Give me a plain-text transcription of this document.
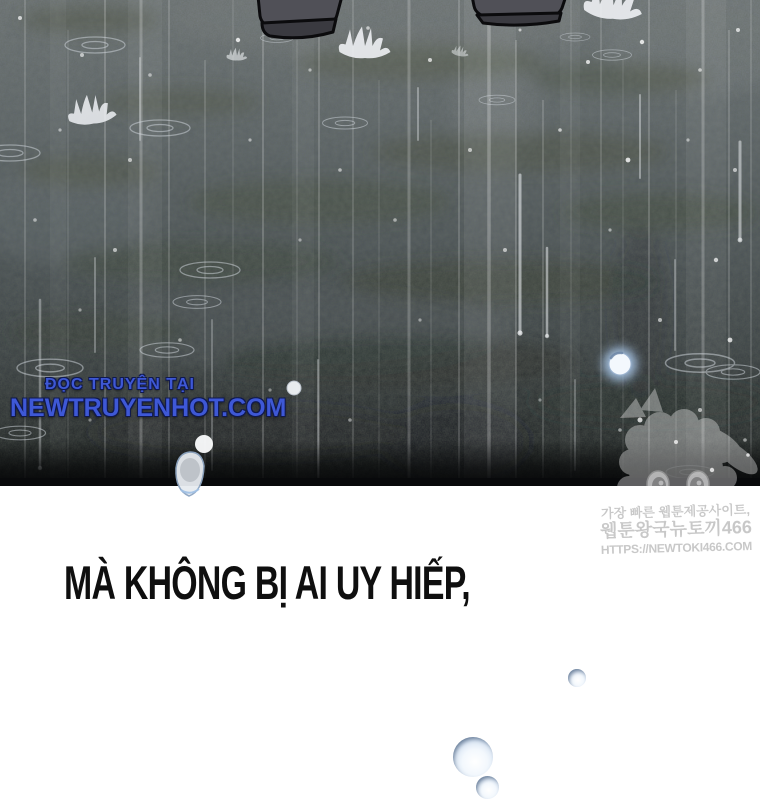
ĐỌC TRUYỆN TẠI
NEWTRUYENHOT.COM
가장 빠른 웹툰제공사이트,
웹툰왕국뉴토끼466
HTTPS://NEWTOKI466.COM
MÀ KHÔNG BỊ AI UY HIẾP,
